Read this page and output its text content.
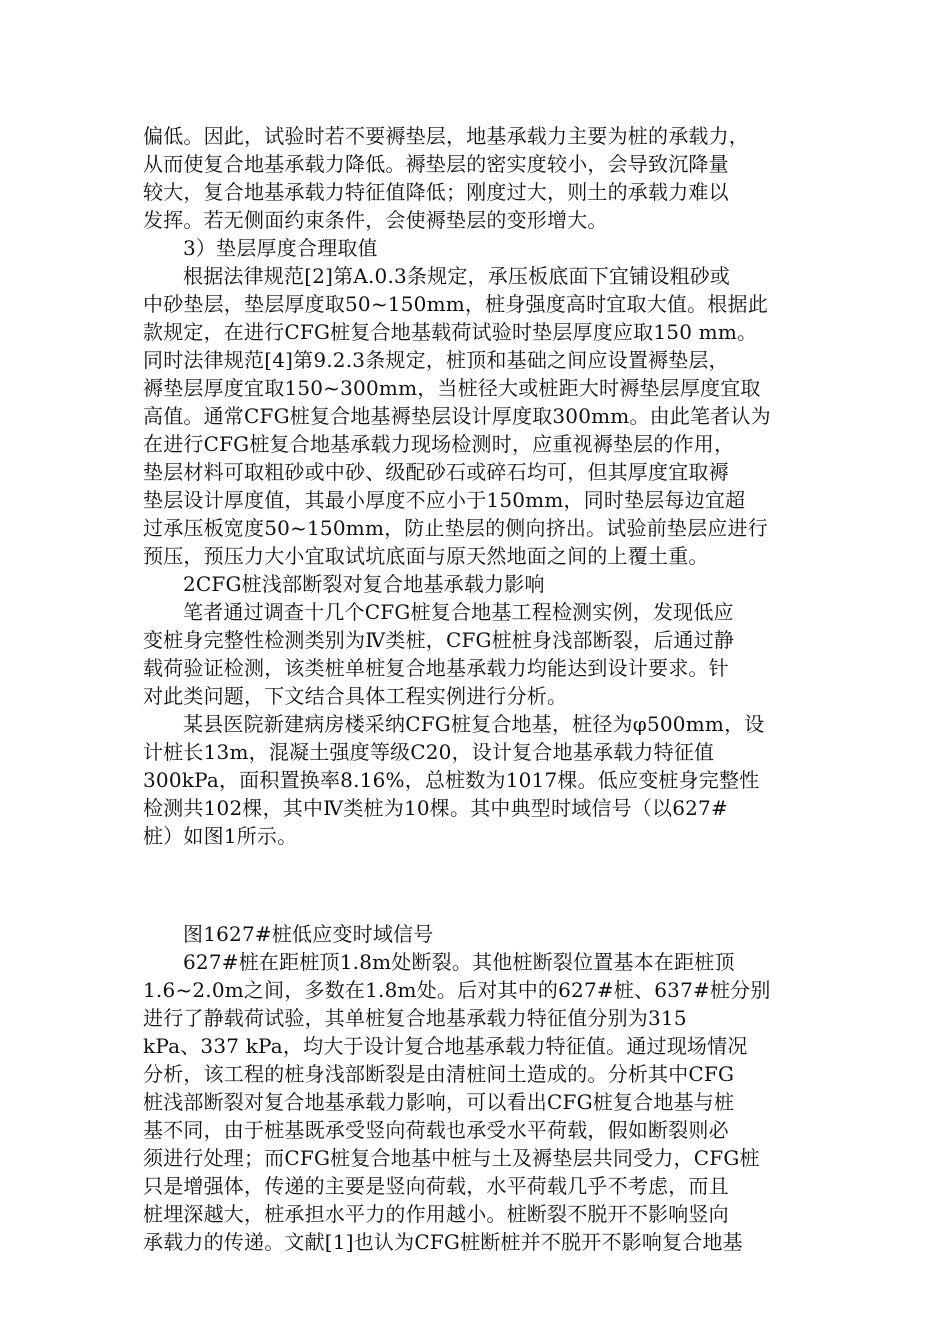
偏低。因此，试验时若不要褥垫层，地基承载力主要为桩的承载力，
从而使复合地基承载力降低。褥垫层的密实度较小，会导致沉降量
较大，复合地基承载力特征值降低；刚度过大，则土的承载力难以
发挥。若无侧面约束条件，会使褥垫层的变形增大。
3）垫层厚度合理取值
根据法律规范[2]第A.0.3条规定，承压板底面下宜铺设粗砂或
中砂垫层，垫层厚度取50~150mm，桩身强度高时宜取大值。根据此
款规定，在进行CFG桩复合地基载荷试验时垫层厚度应取150 mm。
同时法律规范[4]第9.2.3条规定，桩顶和基础之间应设置褥垫层，
褥垫层厚度宜取150~300mm，当桩径大或桩距大时褥垫层厚度宜取
高值。通常CFG桩复合地基褥垫层设计厚度取300mm。由此笔者认为
在进行CFG桩复合地基承载力现场检测时，应重视褥垫层的作用，
垫层材料可取粗砂或中砂、级配砂石或碎石均可，但其厚度宜取褥
垫层设计厚度值，其最小厚度不应小于150mm，同时垫层每边宜超
过承压板宽度50~150mm，防止垫层的侧向挤出。试验前垫层应进行
预压，预压力大小宜取试坑底面与原天然地面之间的上覆土重。
2CFG桩浅部断裂对复合地基承载力影响
笔者通过调查十几个CFG桩复合地基工程检测实例，发现低应
变桩身完整性检测类别为Ⅳ类桩，CFG桩桩身浅部断裂，后通过静
载荷验证检测，该类桩单桩复合地基承载力均能达到设计要求。针
对此类问题，下文结合具体工程实例进行分析。
某县医院新建病房楼采纳CFG桩复合地基，桩径为φ500mm，设
计桩长13m，混凝土强度等级C20，设计复合地基承载力特征值
300kPa，面积置换率8.16%，总桩数为1017棵。低应变桩身完整性
检测共102棵，其中Ⅳ类桩为10棵。其中典型时域信号（以627#
桩）如图1所示。
图1627#桩低应变时域信号
627#桩在距桩顶1.8m处断裂。其他桩断裂位置基本在距桩顶
1.6~2.0m之间，多数在1.8m处。后对其中的627#桩、637#桩分别
进行了静载荷试验，其单桩复合地基承载力特征值分别为315
kPa、337 kPa，均大于设计复合地基承载力特征值。通过现场情况
分析，该工程的桩身浅部断裂是由清桩间土造成的。分析其中CFG
桩浅部断裂对复合地基承载力影响，可以看出CFG桩复合地基与桩
基不同，由于桩基既承受竖向荷载也承受水平荷载，假如断裂则必
须进行处理；而CFG桩复合地基中桩与土及褥垫层共同受力，CFG桩
只是增强体，传递的主要是竖向荷载，水平荷载几乎不考虑，而且
桩埋深越大，桩承担水平力的作用越小。桩断裂不脱开不影响竖向
承载力的传递。文献[1]也认为CFG桩断桩并不脱开不影响复合地基
